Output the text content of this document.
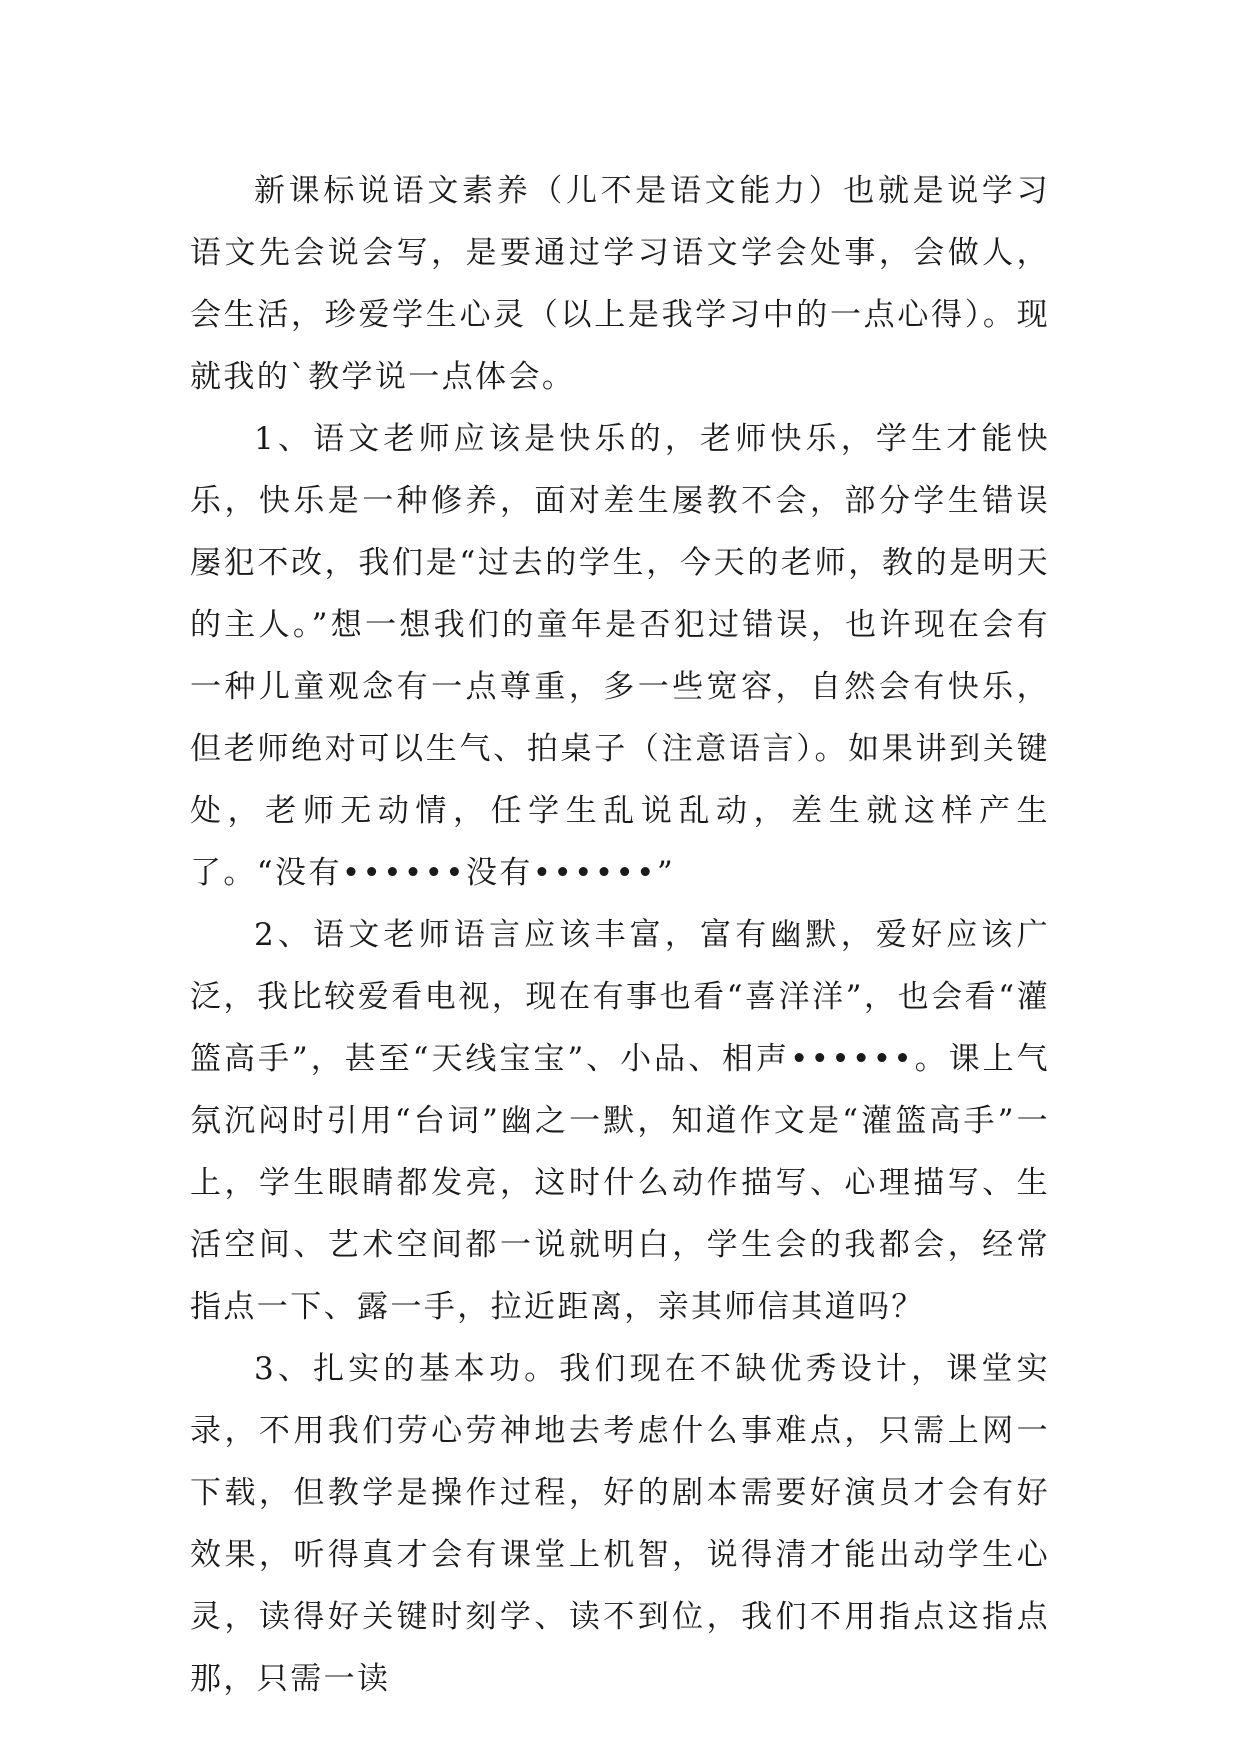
新课标说语文素养（儿不是语文能力）也就是说学习语文先会说会写，是要通过学习语文学会处事，会做人，会生活，珍爱学生心灵（以上是我学习中的一点心得）。现就我的`教学说一点体会。

1、语文老师应该是快乐的，老师快乐，学生才能快乐，快乐是一种修养，面对差生屡教不会，部分学生错误屡犯不改，我们是“过去的学生，今天的老师，教的是明天的主人。”想一想我们的童年是否犯过错误，也许现在会有一种儿童观念有一点尊重，多一些宽容，自然会有快乐，但老师绝对可以生气、拍桌子（注意语言）。如果讲到关键处，老师无动情，任学生乱说乱动，差生就这样产生了。“没有••••••没有••••••”

2、语文老师语言应该丰富，富有幽默，爱好应该广泛，我比较爱看电视，现在有事也看“喜洋洋”，也会看“灌篮高手”，甚至“天线宝宝”、小品、相声••••••。课上气氛沉闷时引用“台词”幽之一默，知道作文是“灌篮高手”一上，学生眼睛都发亮，这时什么动作描写、心理描写、生活空间、艺术空间都一说就明白，学生会的我都会，经常指点一下、露一手，拉近距离，亲其师信其道吗？

3、扎实的基本功。我们现在不缺优秀设计，课堂实录，不用我们劳心劳神地去考虑什么事难点，只需上网一下载，但教学是操作过程，好的剧本需要好演员才会有好效果，听得真才会有课堂上机智，说得清才能出动学生心灵，读得好关键时刻学、读不到位，我们不用指点这指点那，只需一读
